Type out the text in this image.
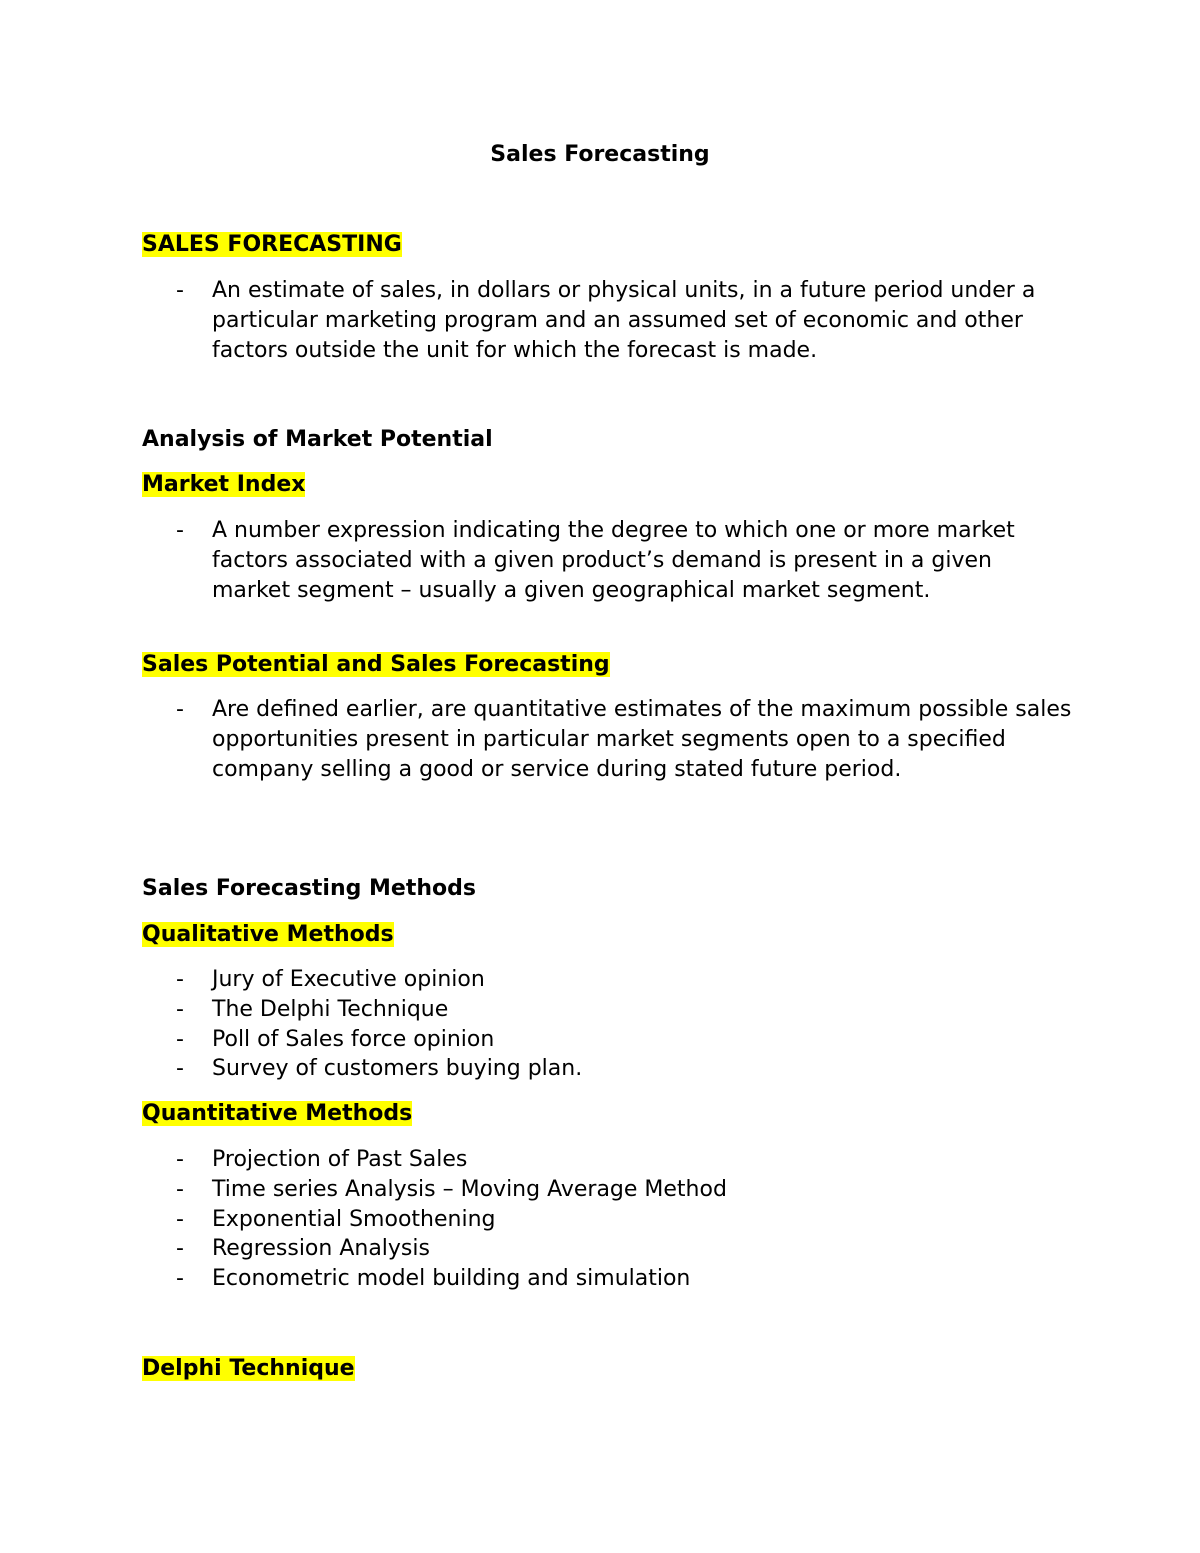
Sales Forecasting

SALES FORECASTING

- An estimate of sales, in dollars or physical units, in a future period under a particular marketing program and an assumed set of economic and other factors outside the unit for which the forecast is made.

Analysis of Market Potential

Market Index

- A number expression indicating the degree to which one or more market factors associated with a given product’s demand is present in a given market segment – usually a given geographical market segment.

Sales Potential and Sales Forecasting

- Are defined earlier, are quantitative estimates of the maximum possible sales opportunities present in particular market segments open to a specified company selling a good or service during stated future period.

Sales Forecasting Methods

Qualitative Methods

- Jury of Executive opinion
- The Delphi Technique
- Poll of Sales force opinion
- Survey of customers buying plan.

Quantitative Methods

- Projection of Past Sales
- Time series Analysis – Moving Average Method
- Exponential Smoothening
- Regression Analysis
- Econometric model building and simulation

Delphi Technique
